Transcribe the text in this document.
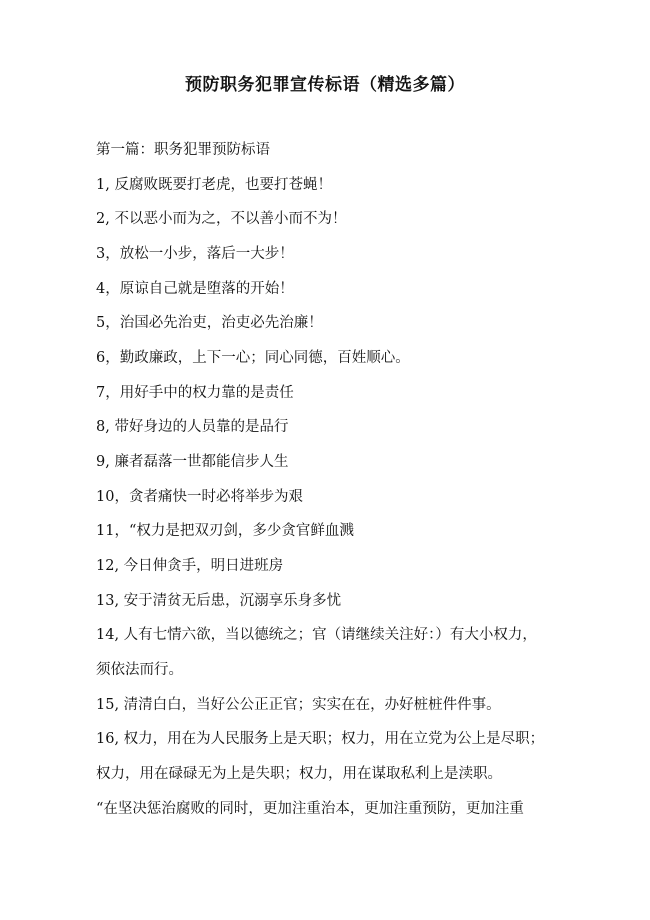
预防职务犯罪宣传标语（精选多篇）
第一篇：职务犯罪预防标语
1, 反腐败既要打老虎，也要打苍蝇！
2, 不以恶小而为之，不以善小而不为！
3，放松一小步，落后一大步！
4，原谅自己就是堕落的开始！
5，治国必先治吏，治吏必先治廉！
6，勤政廉政，上下一心；同心同德，百姓顺心。
7，用好手中的权力靠的是责任
8, 带好身边的人员靠的是品行
9, 廉者磊落一世都能信步人生
10，贪者痛快一时必将举步为艰
11，“权力是把双刃剑，多少贪官鲜血溅
12, 今日伸贪手，明日进班房
13, 安于清贫无后患，沉溺享乐身多忧
14, 人有七情六欲，当以德统之；官（请继续关注好：）有大小权力，
须依法而行。
15, 清清白白，当好公公正正官；实实在在，办好桩桩件件事。
16, 权力，用在为人民服务上是天职；权力，用在立党为公上是尽职；
权力，用在碌碌无为上是失职；权力，用在谋取私利上是渎职。
“在坚决惩治腐败的同时，更加注重治本，更加注重预防，更加注重
